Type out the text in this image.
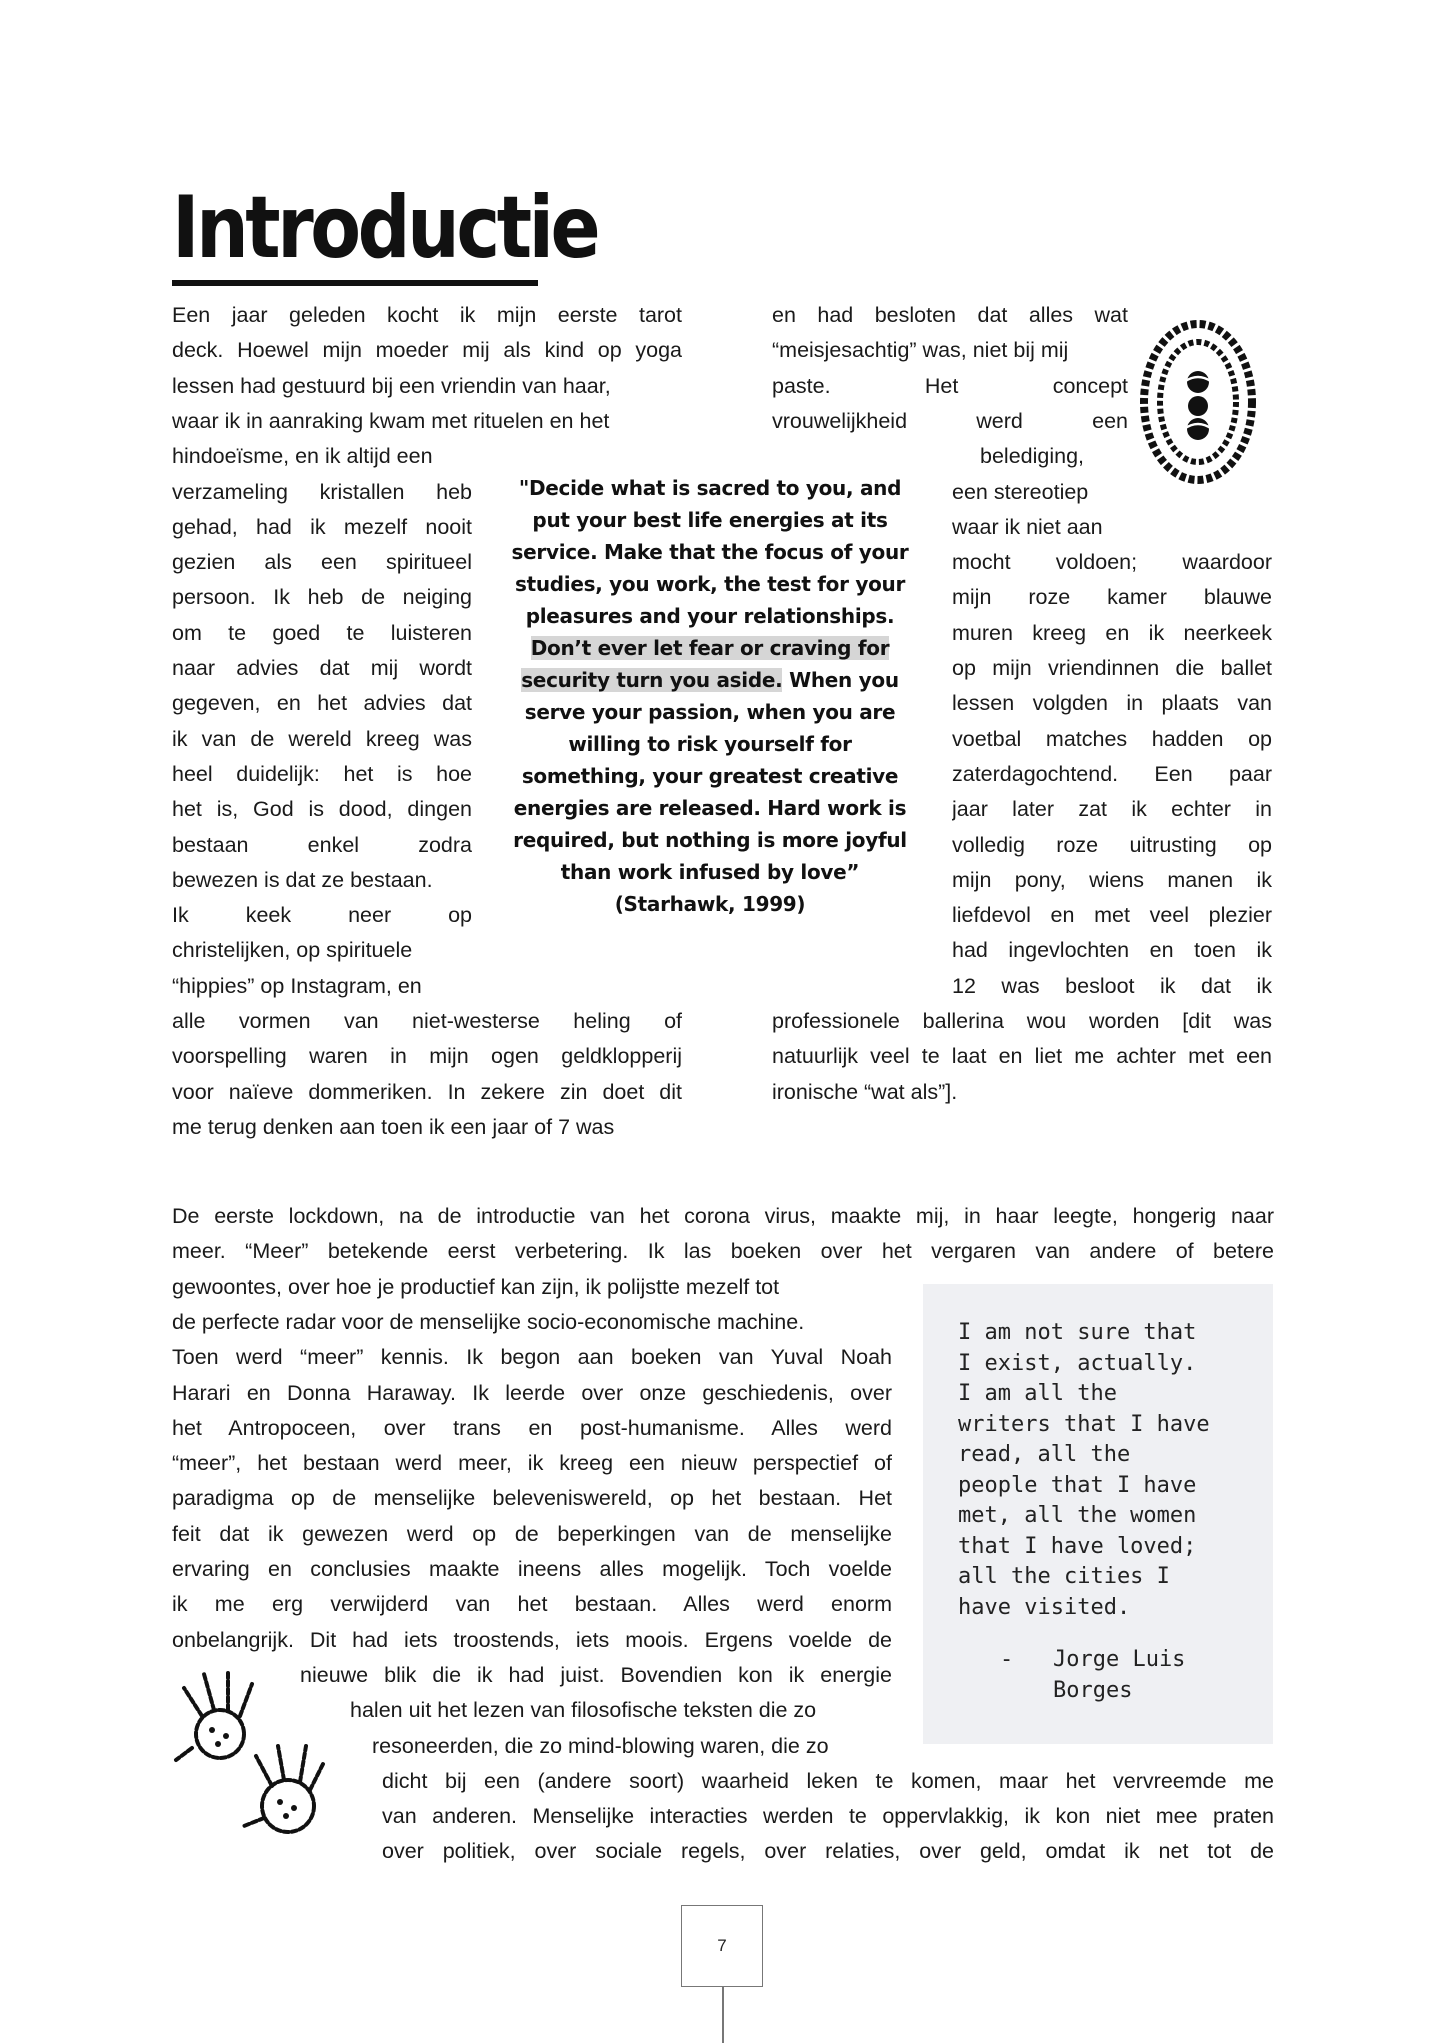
Introductie

Een jaar geleden kocht ik mijn eerste tarot

deck. Hoewel mijn moeder mij als kind op yoga

lessen had gestuurd bij een vriendin van haar,

waar ik in aanraking kwam met rituelen en het

hindoeïsme, en ik altijd een

verzameling kristallen heb

gehad, had ik mezelf nooit

gezien als een spiritueel

persoon. Ik heb de neiging

om te goed te luisteren

naar advies dat mij wordt

gegeven, en het advies dat

ik van de wereld kreeg was

heel duidelijk: het is hoe

het is, God is dood, dingen

bestaan enkel zodra

bewezen is dat ze bestaan.

Ik keek neer op

christelijken, op spirituele

“hippies” op Instagram, en

alle vormen van niet-westerse heling of

voorspelling waren in mijn ogen geldklopperij

voor naïeve dommeriken. In zekere zin doet dit

me terug denken aan toen ik een jaar of 7 was

en had besloten dat alles wat

“meisjesachtig” was, niet bij mij

paste. Het concept

vrouwelijkheid werd een

belediging,

een stereotiep

waar ik niet aan

mocht voldoen; waardoor

mijn roze kamer blauwe

muren kreeg en ik neerkeek

op mijn vriendinnen die ballet

lessen volgden in plaats van

voetbal matches hadden op

zaterdagochtend. Een paar

jaar later zat ik echter in

volledig roze uitrusting op

mijn pony, wiens manen ik

liefdevol en met veel plezier

had ingevlochten en toen ik

12 was besloot ik dat ik

professionele ballerina wou worden [dit was

natuurlijk veel te laat en liet me achter met een

ironische “wat als”].

"Decide what is sacred to you, and put your best life energies at its service. Make that the focus of your studies, you work, the test for your pleasures and your relationships. Don’t ever let fear or craving for security turn you aside. When you serve your passion, when you are willing to risk yourself for something, your greatest creative energies are released. Hard work is required, but nothing is more joyful than work infused by love” (Starhawk, 1999)

De eerste lockdown, na de introductie van het corona virus, maakte mij, in haar leegte, hongerig naar

meer. “Meer” betekende eerst verbetering. Ik las boeken over het vergaren van andere of betere

gewoontes, over hoe je productief kan zijn, ik polijstte mezelf tot

de perfecte radar voor de menselijke socio-economische machine.

Toen werd “meer” kennis. Ik begon aan boeken van Yuval Noah

Harari en Donna Haraway. Ik leerde over onze geschiedenis, over

het Antropoceen, over trans en post-humanisme. Alles werd

“meer”, het bestaan werd meer, ik kreeg een nieuw perspectief of

paradigma op de menselijke beleveniswereld, op het bestaan. Het

feit dat ik gewezen werd op de beperkingen van de menselijke

ervaring en conclusies maakte ineens alles mogelijk. Toch voelde

ik me erg verwijderd van het bestaan. Alles werd enorm

onbelangrijk. Dit had iets troostends, iets moois. Ergens voelde de

nieuwe blik die ik had juist. Bovendien kon ik energie

halen uit het lezen van filosofische teksten die zo

resoneerden, die zo mind-blowing waren, die zo

dicht bij een (andere soort) waarheid leken te komen, maar het vervreemde me

van anderen. Menselijke interacties werden te oppervlakkig, ik kon niet mee praten

over politiek, over sociale regels, over relaties, over geld, omdat ik net tot de

I am not sure that
I exist, actually.
I am all the
writers that I have
read, all the
people that I have
met, all the women
that I have loved;
all the cities I
have visited.

-   Jorge Luis
Borges

7
